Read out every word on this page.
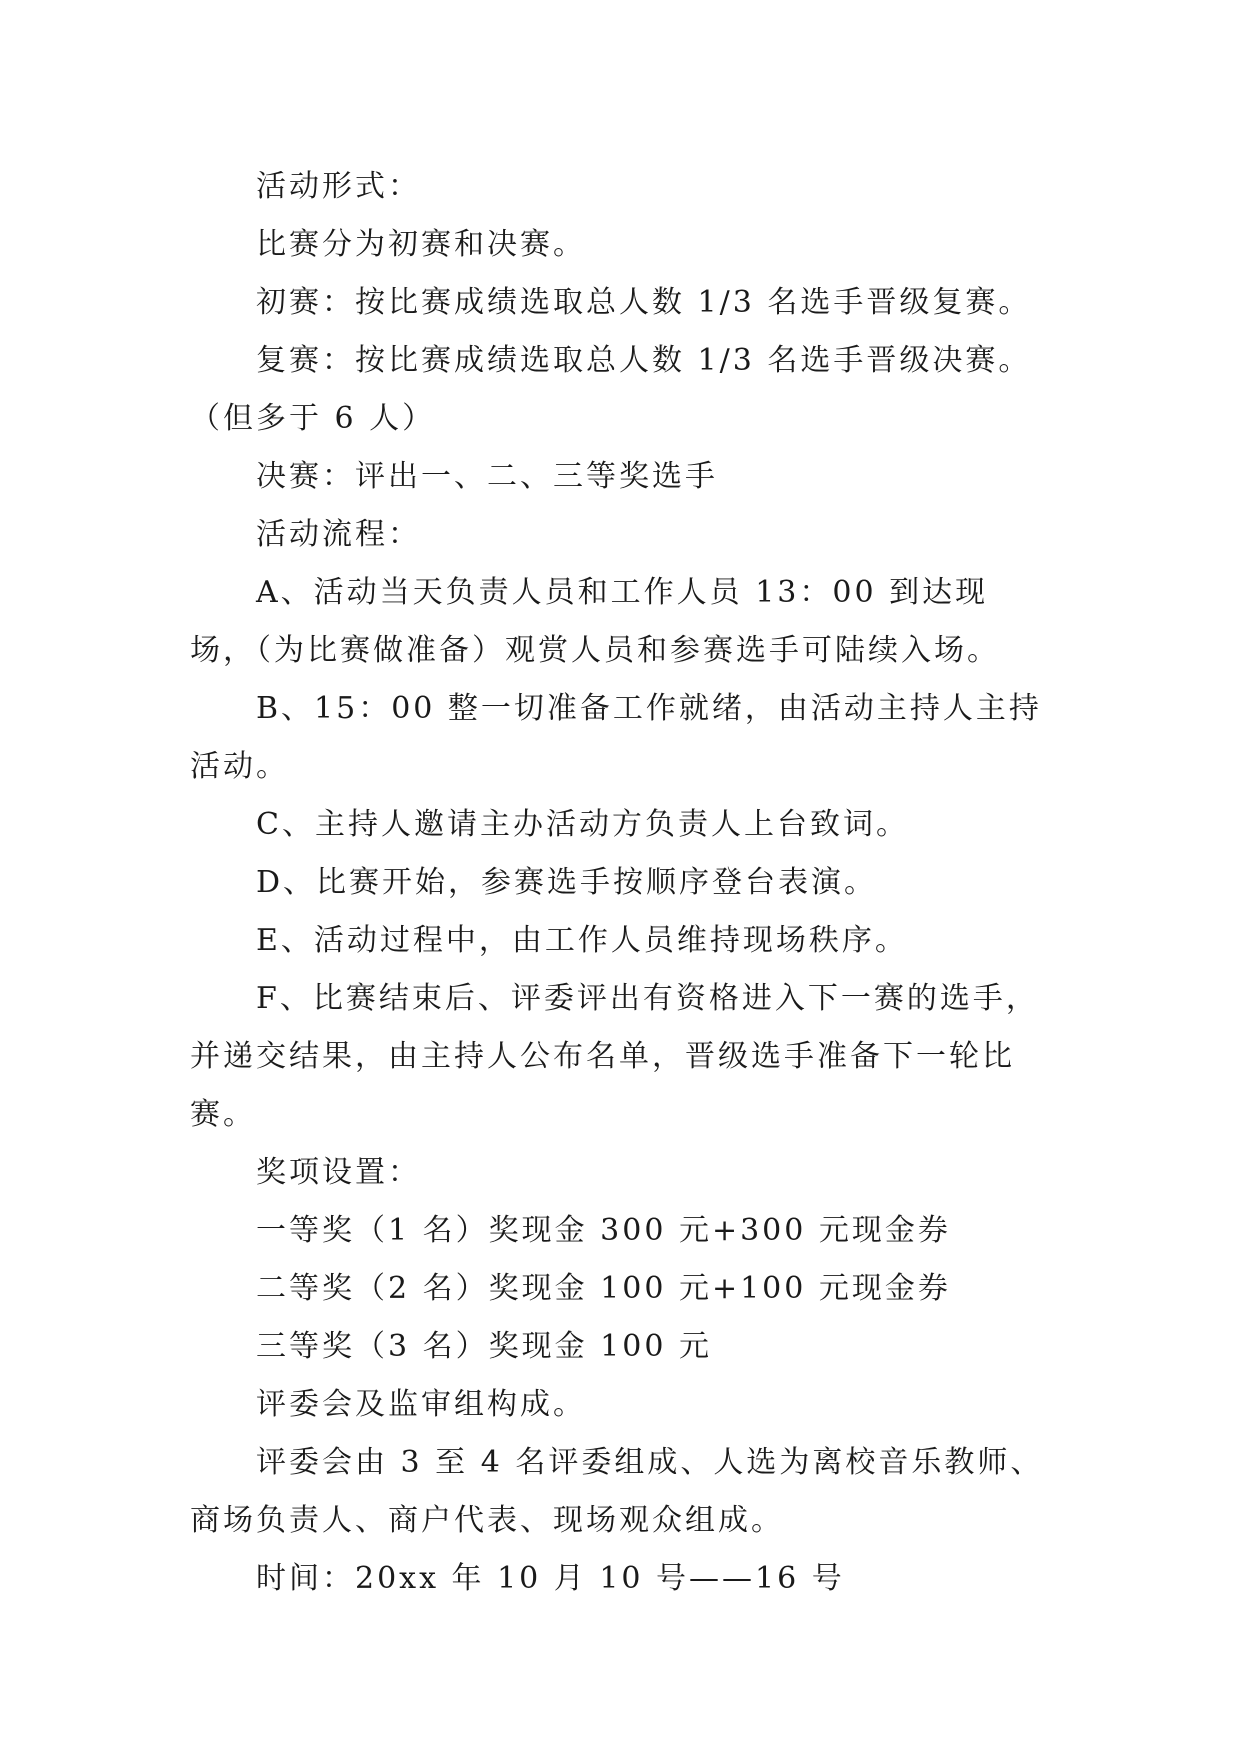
活动形式：

比赛分为初赛和决赛。

初赛：按比赛成绩选取总人数 1/3 名选手晋级复赛。

复赛：按比赛成绩选取总人数 1/3 名选手晋级决赛。（但多于 6 人）

决赛：评出一、二、三等奖选手

活动流程：

A、活动当天负责人员和工作人员 13：00 到达现场，（为比赛做准备）观赏人员和参赛选手可陆续入场。

B、15：00 整一切准备工作就绪，由活动主持人主持活动。

C、主持人邀请主办活动方负责人上台致词。

D、比赛开始，参赛选手按顺序登台表演。

E、活动过程中，由工作人员维持现场秩序。

F、比赛结束后、评委评出有资格进入下一赛的选手，并递交结果，由主持人公布名单，晋级选手准备下一轮比赛。

奖项设置：

一等奖（1 名）奖现金 300 元+300 元现金券

二等奖（2 名）奖现金 100 元+100 元现金券

三等奖（3 名）奖现金 100 元

评委会及监审组构成。

评委会由 3 至 4 名评委组成、人选为离校音乐教师、商场负责人、商户代表、现场观众组成。

时间：20xx 年 10 月 10 号——16 号
